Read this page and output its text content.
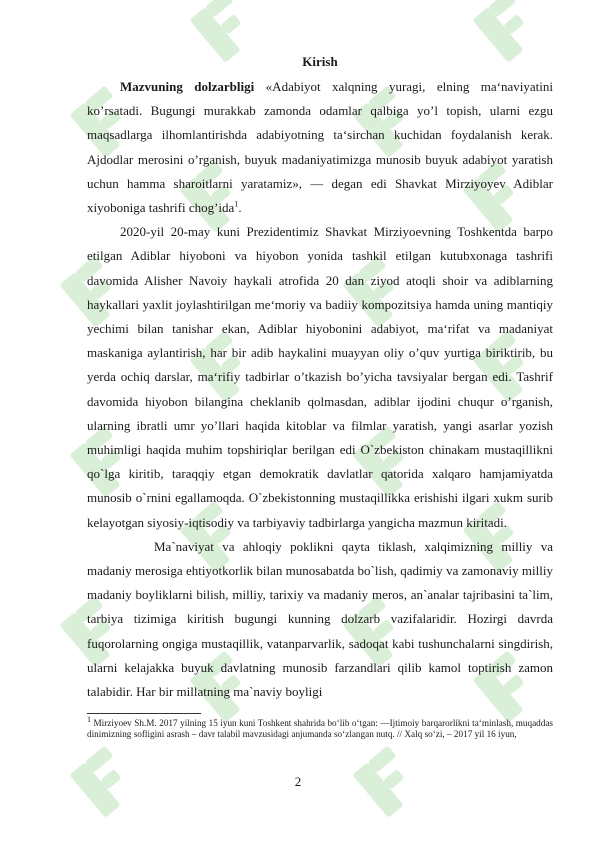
Kirish

Mazvuning dolzarbligi «Adabiyot xalqning yuragi, elning maʻnaviyatini ko’rsatadi. Bugungi murakkab zamonda odamlar qalbiga yo’l topish, ularni ezgu maqsadlarga ilhomlantirishda adabiyotning taʻsirchan kuchidan foydalanish kerak. Ajdodlar merosini o’rganish, buyuk madaniyatimizga munosib buyuk adabiyot yaratish uchun hamma sharoitlarni yaratamiz», — degan edi Shavkat Mirziyoyev Adiblar xiyoboniga tashrifi chog’ida$^1$.

2020-yil 20-may kuni Prezidentimiz Shavkat Mirziyoevning Toshkentda barpo etilgan Adiblar hiyoboni va hiyobon yonida tashkil etilgan kutubxonaga tashrifi davomida Alisher Navoiy haykali atrofida 20 dan ziyod atoqli shoir va adiblarning haykallari yaxlit joylashtirilgan meʻmoriy va badiiy kompozitsiya hamda uning mantiqiy yechimi bilan tanishar ekan, Adiblar hiyobonini adabiyot, maʻrifat va madaniyat maskaniga aylantirish, har bir adib haykalini muayyan oliy o’quv yurtiga biriktirib, bu yerda ochiq darslar, maʻrifiy tadbirlar o’tkazish bo’yicha tavsiyalar bergan edi. Tashrif davomida hiyobon bilangina cheklanib qolmasdan, adiblar ijodini chuqur o’rganish, ularning ibratli umr yo’llari haqida kitoblar va filmlar yaratish, yangi asarlar yozish muhimligi haqida muhim topshiriqlar berilgan edi O`zbekiston chinakam mustaqillikni qo`lga kiritib, taraqqiy etgan demokratik davlatlar qatorida xalqaro hamjamiyatda munosib o`rnini egallamoqda. O`zbekistonning mustaqillikka erishishi ilgari xukm surib kelayotgan siyosiy-iqtisodiy va tarbiyaviy tadbirlarga yangicha mazmun kiritadi.

Ma`naviyat va ahloqiy poklikni qayta tiklash, xalqimizning milliy va madaniy merosiga ehtiyotkorlik bilan munosabatda bo`lish, qadimiy va zamonaviy milliy madaniy boyliklarni bilish, milliy, tarixiy va madaniy meros, an`analar tajribasini ta`lim, tarbiya tizimiga kiritish bugungi kunning dolzarb vazifalaridir. Hozirgi davrda fuqorolarning ongiga mustaqillik, vatanparvarlik, sadoqat kabi tushunchalarni singdirish, ularni kelajakka buyuk davlatning munosib farzandlari qilib kamol toptirish zamon talabidir. Har bir millatning ma`naviy boyligi

$^1$ Mirziyoev Sh.M. 2017 yilning 15 iyun kuni Toshkent shahrida bo‘lib o‘tgan: —Ijtimoiy barqarorlikni taʻminlash, muqaddas dinimizning sofligini asrash – davr talabil mavzusidagi anjumanda so‘zlangan nutq. // Xalq so‘zi, – 2017 yil 16 iyun,

2
